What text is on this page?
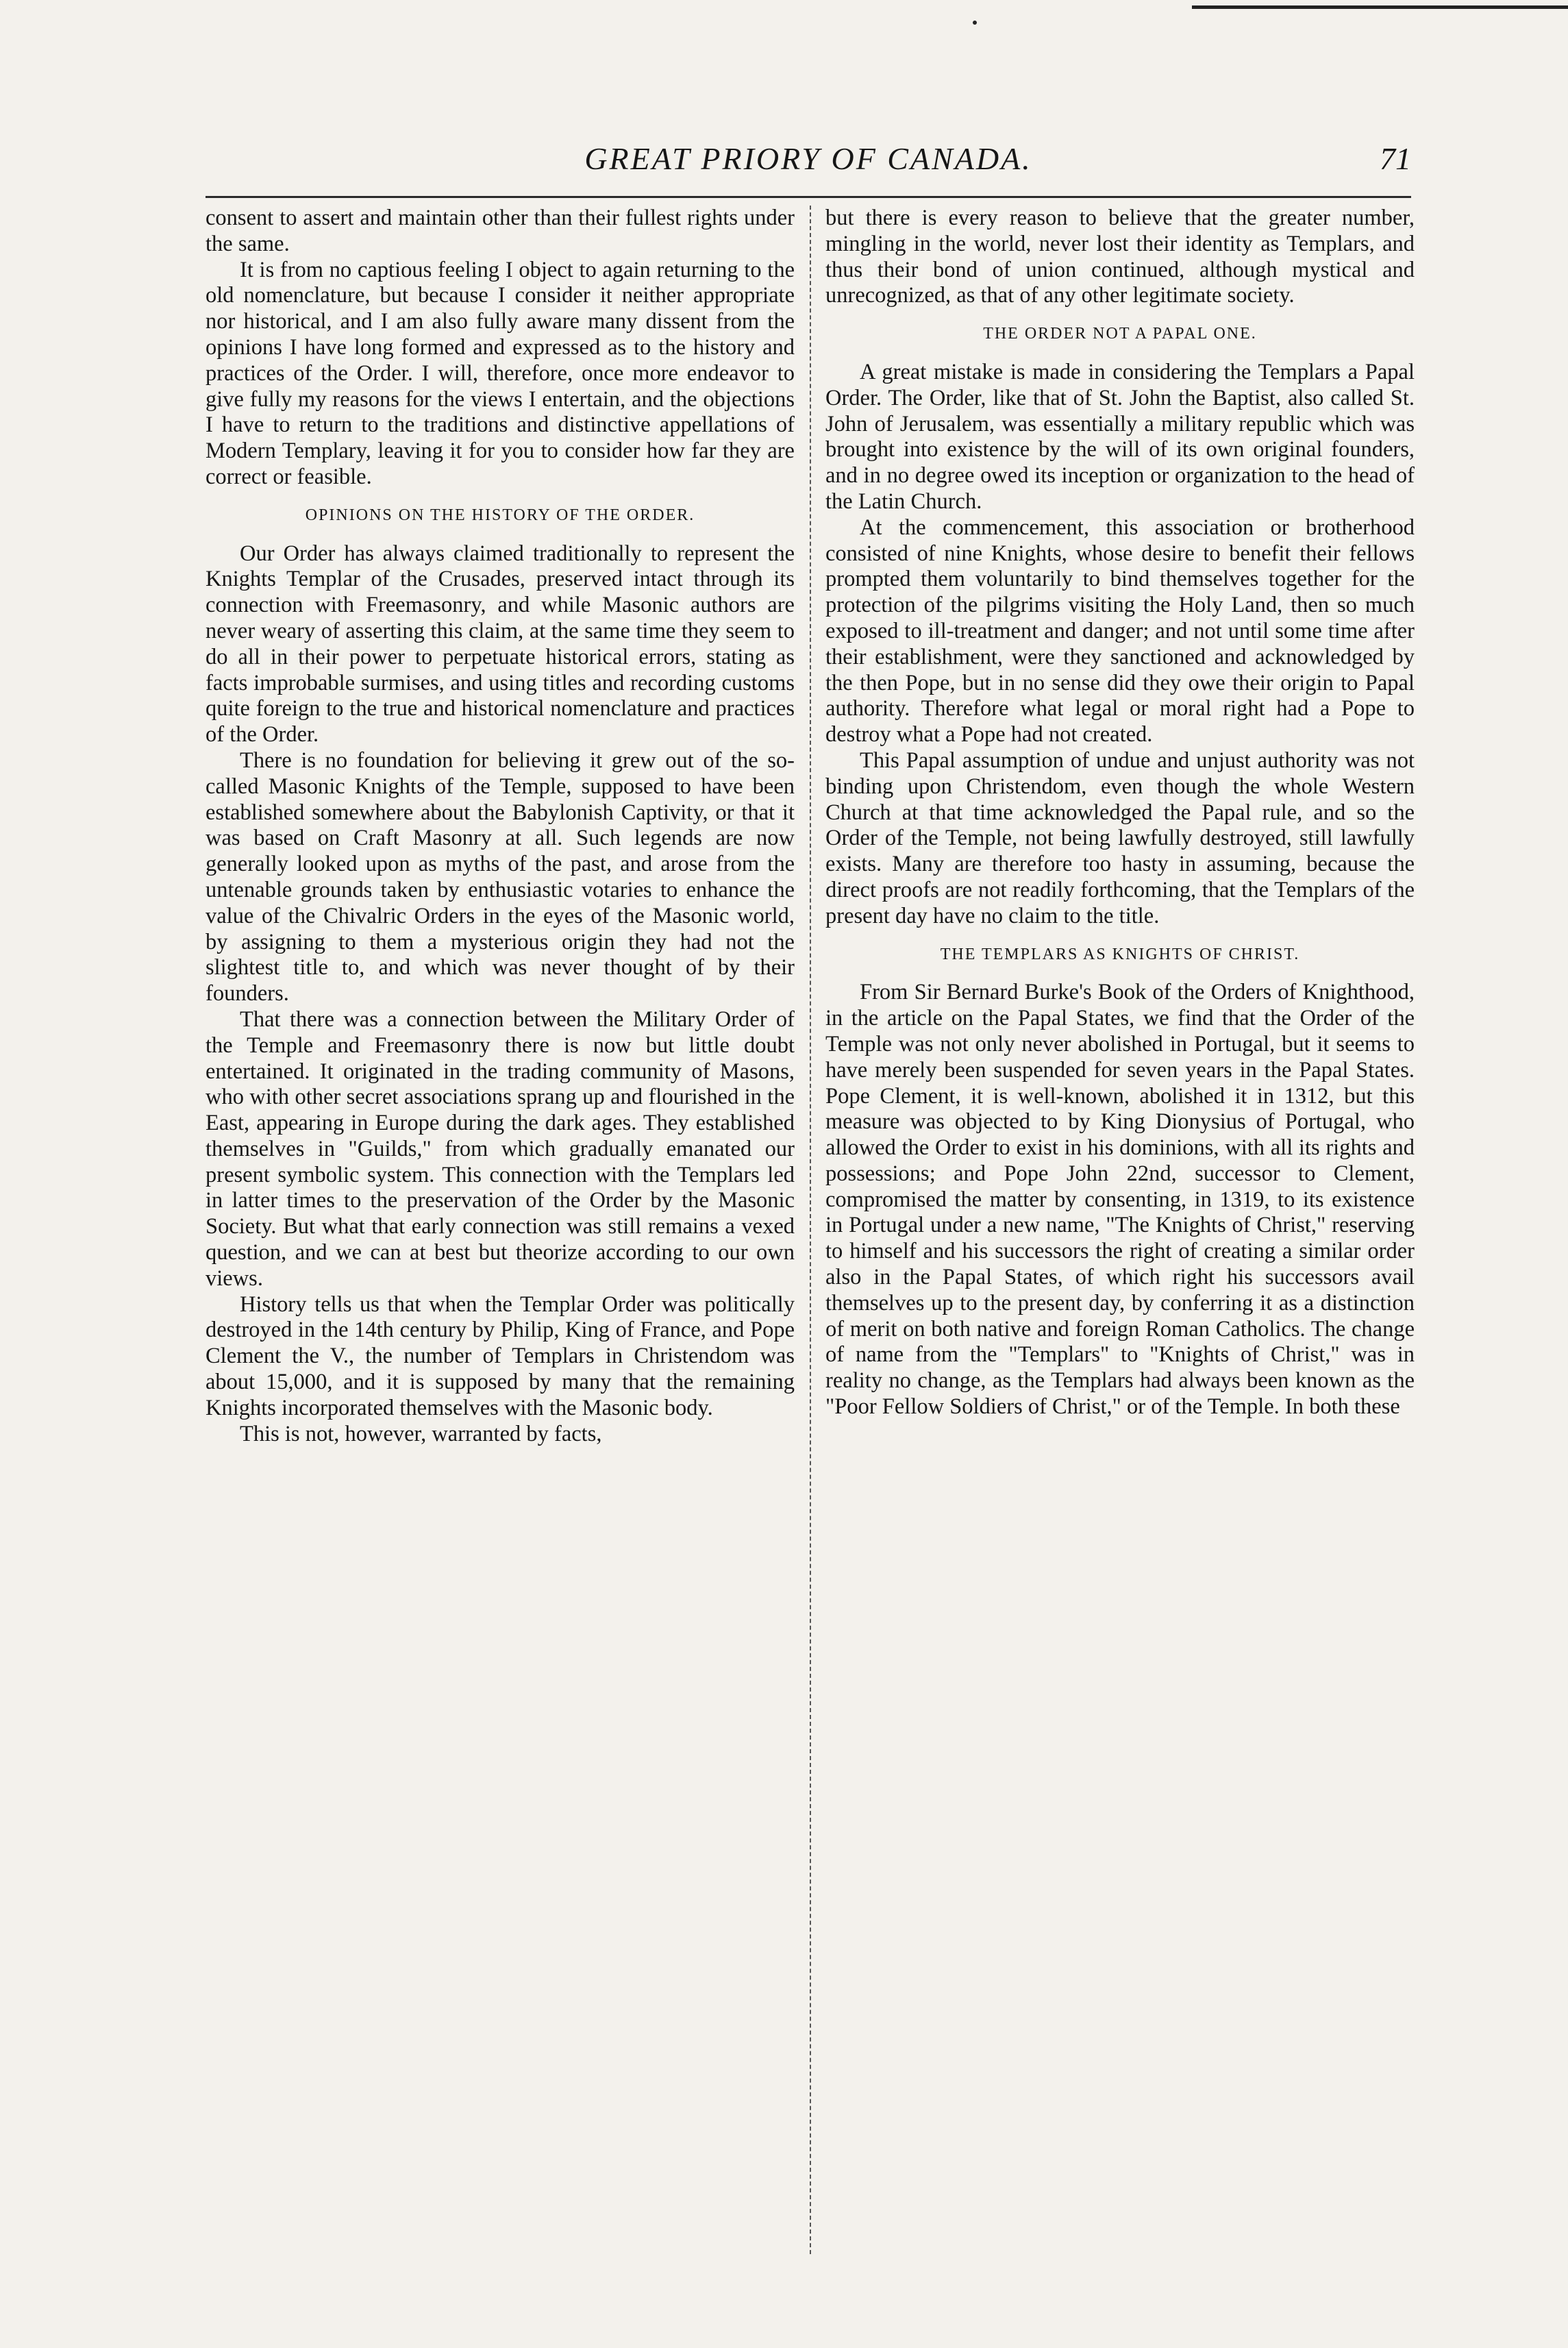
GREAT PRIORY OF CANADA.	71

consent to assert and maintain other than their fullest rights under the same.

It is from no captious feeling I object to again returning to the old nomenclature, but because I consider it neither appropriate nor historical, and I am also fully aware many dissent from the opinions I have long formed and expressed as to the history and practices of the Order. I will, therefore, once more endeavor to give fully my reasons for the views I entertain, and the objections I have to return to the traditions and distinctive appellations of Modern Templary, leaving it for you to consider how far they are correct or feasible.

OPINIONS ON THE HISTORY OF THE ORDER.

Our Order has always claimed traditionally to represent the Knights Templar of the Crusades, preserved intact through its connection with Freemasonry, and while Masonic authors are never weary of asserting this claim, at the same time they seem to do all in their power to perpetuate historical errors, stating as facts improbable surmises, and using titles and recording customs quite foreign to the true and historical nomenclature and practices of the Order.

There is no foundation for believing it grew out of the so-called Masonic Knights of the Temple, supposed to have been established somewhere about the Babylonish Captivity, or that it was based on Craft Masonry at all. Such legends are now generally looked upon as myths of the past, and arose from the untenable grounds taken by enthusiastic votaries to enhance the value of the Chivalric Orders in the eyes of the Masonic world, by assigning to them a mysterious origin they had not the slightest title to, and which was never thought of by their founders.

That there was a connection between the Military Order of the Temple and Freemasonry there is now but little doubt entertained. It originated in the trading community of Masons, who with other secret associations sprang up and flourished in the East, appearing in Europe during the dark ages. They established themselves in "Guilds," from which gradually emanated our present symbolic system. This connection with the Templars led in latter times to the preservation of the Order by the Masonic Society. But what that early connection was still remains a vexed question, and we can at best but theorize according to our own views.

History tells us that when the Templar Order was politically destroyed in the 14th century by Philip, King of France, and Pope Clement the V., the number of Templars in Christendom was about 15,000, and it is supposed by many that the remaining Knights incorporated themselves with the Masonic body.

This is not, however, warranted by facts,

but there is every reason to believe that the greater number, mingling in the world, never lost their identity as Templars, and thus their bond of union continued, although mystical and unrecognized, as that of any other legitimate society.

THE ORDER NOT A PAPAL ONE.

A great mistake is made in considering the Templars a Papal Order. The Order, like that of St. John the Baptist, also called St. John of Jerusalem, was essentially a military republic which was brought into existence by the will of its own original founders, and in no degree owed its inception or organization to the head of the Latin Church.

At the commencement, this association or brotherhood consisted of nine Knights, whose desire to benefit their fellows prompted them voluntarily to bind themselves together for the protection of the pilgrims visiting the Holy Land, then so much exposed to ill-treatment and danger; and not until some time after their establishment, were they sanctioned and acknowledged by the then Pope, but in no sense did they owe their origin to Papal authority. Therefore what legal or moral right had a Pope to destroy what a Pope had not created.

This Papal assumption of undue and unjust authority was not binding upon Christendom, even though the whole Western Church at that time acknowledged the Papal rule, and so the Order of the Temple, not being lawfully destroyed, still lawfully exists. Many are therefore too hasty in assuming, because the direct proofs are not readily forthcoming, that the Templars of the present day have no claim to the title.

THE TEMPLARS AS KNIGHTS OF CHRIST.

From Sir Bernard Burke's Book of the Orders of Knighthood, in the article on the Papal States, we find that the Order of the Temple was not only never abolished in Portugal, but it seems to have merely been suspended for seven years in the Papal States. Pope Clement, it is well-known, abolished it in 1312, but this measure was objected to by King Dionysius of Portugal, who allowed the Order to exist in his dominions, with all its rights and possessions; and Pope John 22nd, successor to Clement, compromised the matter by consenting, in 1319, to its existence in Portugal under a new name, "The Knights of Christ," reserving to himself and his successors the right of creating a similar order also in the Papal States, of which right his successors avail themselves up to the present day, by conferring it as a distinction of merit on both native and foreign Roman Catholics. The change of name from the "Templars" to "Knights of Christ," was in reality no change, as the Templars had always been known as the "Poor Fellow Soldiers of Christ," or of the Temple. In both these
